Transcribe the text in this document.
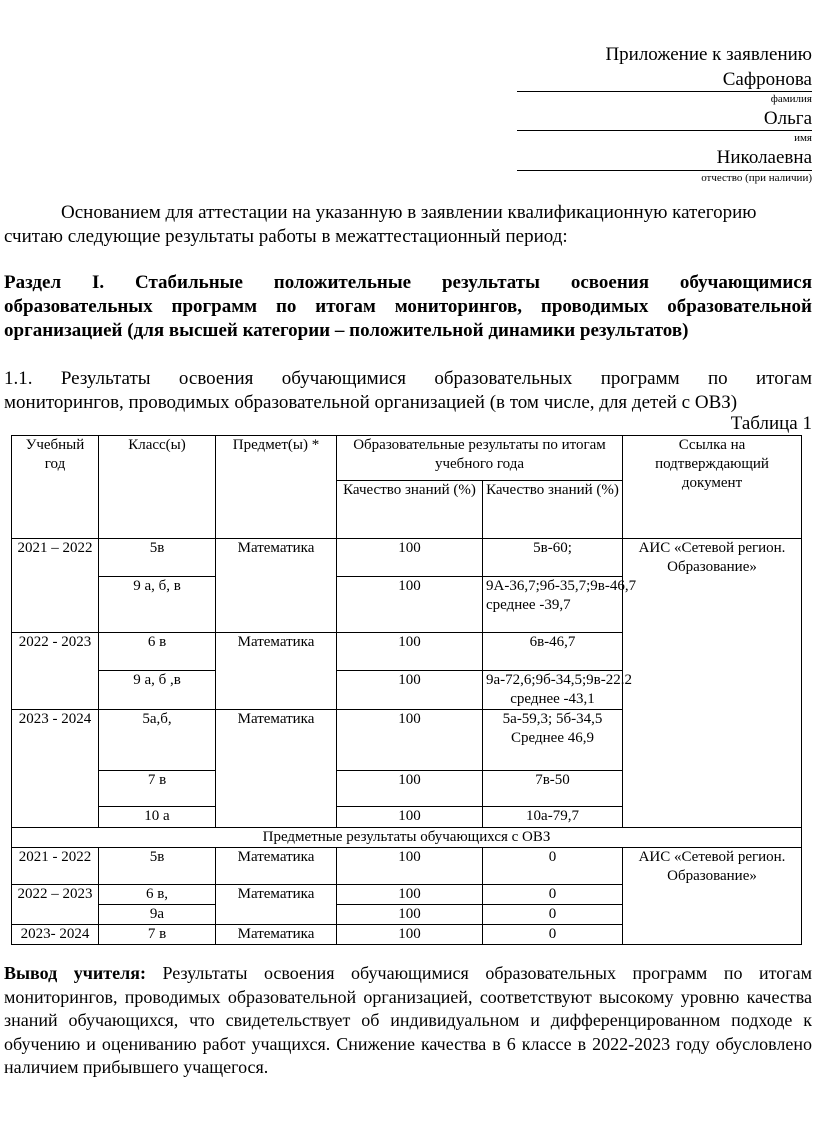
Приложение к заявлению
Сафронова
фамилия
Ольга
имя
Николаевна
отчество (при наличии)
Основанием для аттестации на указанную в заявлении квалификационную категорию
считаю следующие результаты работы в межаттестационный период:
Раздел I. Стабильные положительные результаты освоения обучающимися
образовательных программ по итогам мониторингов, проводимых образовательной
организацией (для высшей категории – положительной динамики результатов)
1.1. Результаты освоения обучающимися образовательных программ по итогам
мониторингов, проводимых образовательной организацией (в том числе, для детей с ОВЗ)
Таблица 1
Учебный год	Класс(ы)	Предмет(ы) *	Образовательные результаты по итогам учебного года		Ссылка на подтверждающий документ
			Качество знаний (%)	Качество знаний (%)	
2021 – 2022	5в	Математика	100	5в-60;	АИС «Сетевой регион. Образование»
	9 а, б, в		100	9А-36,7;9б-35,7;9в-46,7 среднее -39,7	
2022 - 2023	6 в	Математика	100	6в-46,7	
	9 а, б ,в		100	9а-72,6;9б-34,5;9в-22.2 среднее -43,1	
2023 - 2024	5а,б,	Математика	100	5а-59,3; 5б-34,5 Среднее 46,9	
	7 в		100	7в-50	
	10 а		100	10а-79,7	
Предметные результаты обучающихся с ОВЗ					
2021 - 2022	5в	Математика	100	0	АИС «Сетевой регион. Образование»
2022 – 2023	6 в,	Математика	100	0	
	9а		100	0	
2023- 2024	7 в	Математика	100	0	
Вывод учителя: Результаты освоения обучающимися образовательных программ по итогам мониторингов, проводимых образовательной организацией, соответствуют высокому уровню качества знаний обучающихся, что свидетельствует об индивидуальном и дифференцированном подходе к обучению и оцениванию работ учащихся. Снижение качества в 6 классе в 2022-2023 году обусловлено наличием прибывшего учащегося.
